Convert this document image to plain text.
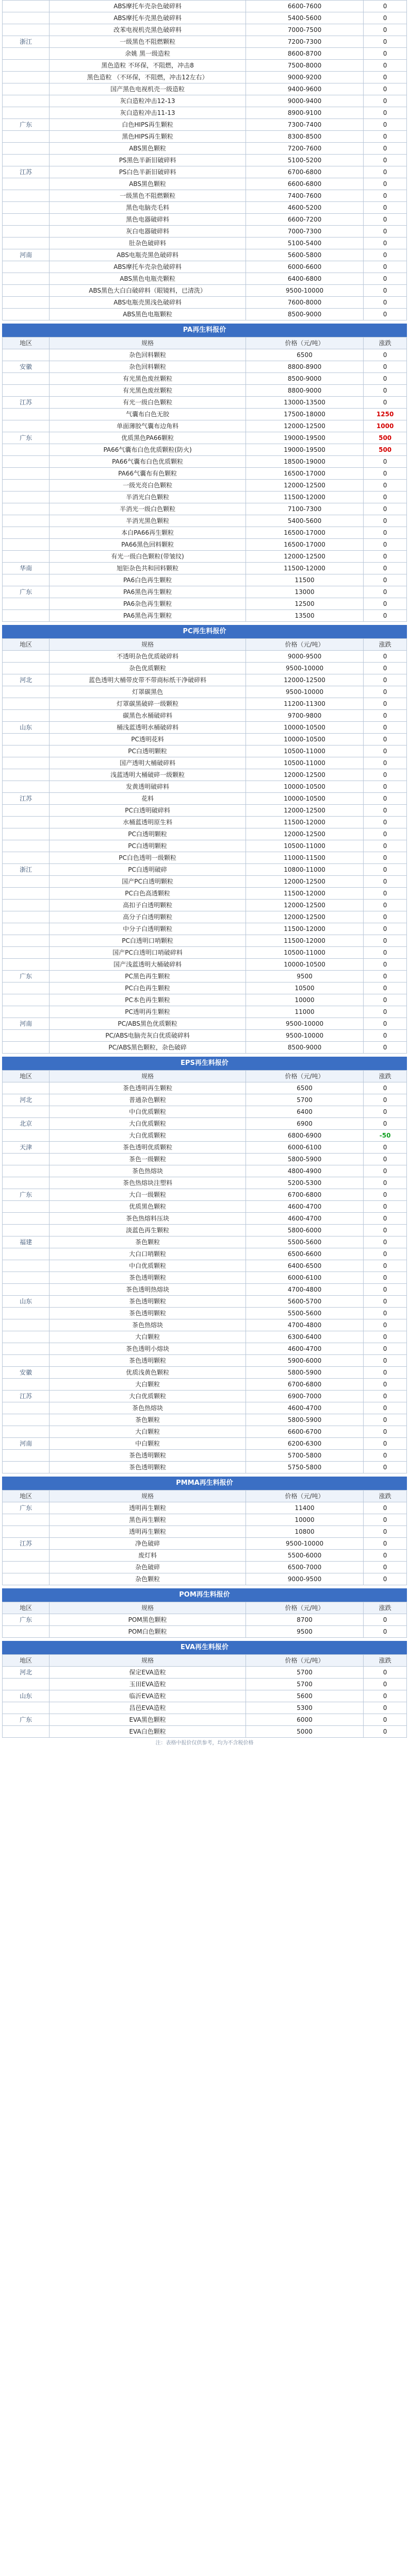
	ABS摩托车壳杂色破碎料	6600-7600	0
	ABS摩托车壳黑色破碎料	5400-5600	0
	改苯电视机壳黑色破碎料	7000-7500	0
浙江	一级黑色不阻燃颗粒	7200-7300	0
	余姚 黑一级造粒	8600-8700	0
	黑色造粒 不环保，不阻燃，冲击8	7500-8000	0
	黑色造粒 （不环保，不阻燃，冲击12左右）	9000-9200	0
	国产黑色电视机壳一级造粒	9400-9600	0
	灰白造粒冲击12-13	9000-9400	0
	灰白造粒冲击11-13	8900-9100	0
广东	白色HIPS再生颗粒	7300-7400	0
	黑色HIPS再生颗粒	8300-8500	0
	ABS黑色颗粒	7200-7600	0
	PS黑色半新旧破碎料	5100-5200	0
江苏	PS白色半新旧破碎料	6700-6800	0
	ABS黑色颗粒	6600-6800	0
	一级黑色不阻燃颗粒	7400-7600	0
	黑色电脑壳毛料	4600-5200	0
	黑色电器破碎料	6600-7200	0
	灰白电器破碎料	7000-7300	0
	肚杂色破碎料	5100-5400	0
河南	ABS电瓶壳黑色破碎料	5600-5800	0
	ABS摩托车壳杂色破碎料	6000-6600	0
	ABS黑色电瓶壳颗粒	6400-6800	0
	ABS黑色大白白破碎料（眼镜料，已清洗）	9500-10000	0
	ABS电瓶壳黑浅色破碎料	7600-8000	0
	ABS黑色电瓶颗粒	8500-9000	0
PA再生料报价
地区	规格	价格（元/吨）	涨跌
	杂色回料颗粒	6500	0
安徽	杂色回料颗粒	8800-8900	0
	有光黑色废丝颗粒	8500-9000	0
	有光黑色废丝颗粒	8800-9000	0
江苏	有光一级白色颗粒	13000-13500	0
	气囊布白色无胶	17500-18000	1250
	单面薄胶气囊布边角料	12000-12500	1000
广东	优质黑色PA66颗粒	19000-19500	500
	PA66气囊布白色优质颗粒(防火)	19000-19500	500
	PA66气囊布白色优质颗粒	18500-19000	0
	PA66气囊布有色颗粒	16500-17000	0
	一级光亮白色颗粒	12000-12500	0
	半消光白色颗粒	11500-12000	0
	半消光一级白色颗粒	7100-7300	0
	半消光黑色颗粒	5400-5600	0
	本白PA66再生颗粒	16500-17000	0
	PA66黑色回料颗粒	16500-17000	0
	有光一级白色颗粒(带皱纹)	12000-12500	0
华南	旭钜杂色共和回料颗粒	11500-12000	0
	PA6白色再生颗粒	11500	0
广东	PA6黑色再生颗粒	13000	0
	PA6杂色再生颗粒	12500	0
	PA6黑色再生颗粒	13500	0
PC再生料报价
地区	规格	价格（元/吨）	涨跌
	不透明杂色优质破碎料	9000-9500	0
	杂色优质颗粒	9500-10000	0
河北	蓝色透明大桶带皮带不带商标纸干净破碎料	12000-12500	0
	灯罩碳黑色	9500-10000	0
	灯罩碳黑破碎一级颗粒	11200-11300	0
	碳黑色水桶破碎料	9700-9800	0
山东	桶浅蓝透明水桶破碎料	10000-10500	0
	PC透明花料	10000-10500	0
	PC白透明颗粒	10500-11000	0
	国产透明大桶破碎料	10500-11000	0
	浅蓝透明大桶破碎一级颗粒	12000-12500	0
	发黄透明破碎料	10000-10500	0
江苏	花料	10000-10500	0
	PC白透明破碎料	12000-12500	0
	水桶蓝透明原生料	11500-12000	0
	PC白透明颗粒	12000-12500	0
	PC白透明颗粒	10500-11000	0
	PC白色透明一级颗粒	11000-11500	0
浙江	PC白透明破碎	10800-11000	0
	国产PC白透明颗粒	12000-12500	0
	PC白色高透颗粒	11500-12000	0
	高扣子白透明颗粒	12000-12500	0
	高分子白透明颗粒	12000-12500	0
	中分子白透明颗粒	11500-12000	0
	PC白透明口哨颗粒	11500-12000	0
	国产PC白透明口哨破碎料	10500-11000	0
	国产浅蓝透明大桶破碎料	10000-10500	0
广东	PC黑色再生颗粒	9500	0
	PC白色再生颗粒	10500	0
	PC本色再生颗粒	10000	0
	PC透明再生颗粒	11000	0
河南	PC/ABS黑色优质颗粒	9500-10000	0
	PC/ABS电脑壳灰白优质破碎料	9500-10000	0
	PC/ABS黑色颗粒，杂色破碎	8500-9000	0
EPS再生料报价
地区	规格	价格（元/吨）	涨跌
	茶色透明再生颗粒	6500	0
河北	普通杂色颗粒	5700	0
	中白优质颗粒	6400	0
北京	大白优质颗粒	6900	0
	大白优质颗粒	6800-6900	-50
天津	茶色透明优质颗粒	6000-6100	0
	茶色一级颗粒	5800-5900	0
	茶色热熔块	4800-4900	0
	茶色热熔块注塑料	5200-5300	0
广东	大白一级颗粒	6700-6800	0
	优质黑色颗粒	4600-4700	0
	茶色热熔料压块	4600-4700	0
	淡蓝色再生颗粒	5800-6000	0
福建	茶色颗粒	5500-5600	0
	大白口哨颗粒	6500-6600	0
	中白优质颗粒	6400-6500	0
	茶色透明颗粒	6000-6100	0
	茶色透明热熔块	4700-4800	0
山东	茶色透明颗粒	5600-5700	0
	茶色透明颗粒	5500-5600	0
	茶色热熔块	4700-4800	0
	大白颗粒	6300-6400	0
	茶色透明小熔块	4600-4700	0
	茶色透明颗粒	5900-6000	0
安徽	优质浅黄色颗粒	5800-5900	0
	大白颗粒	6700-6800	0
江苏	大白优质颗粒	6900-7000	0
	茶色热熔块	4600-4700	0
	茶色颗粒	5800-5900	0
	大白颗粒	6600-6700	0
河南	中白颗粒	6200-6300	0
	茶色透明颗粒	5700-5800	0
	茶色透明颗粒	5750-5800	0
PMMA再生料报价
地区	规格	价格（元/吨）	涨跌
广东	透明再生颗粒	11400	0
	黑色再生颗粒	10000	0
	透明再生颗粒	10800	0
江苏	净色破碎	9500-10000	0
	废灯料	5500-6000	0
	杂色破碎	6500-7000	0
	杂色颗粒	9000-9500	0
POM再生料报价
地区	规格	价格（元/吨）	涨跌
广东	POM黑色颗粒	8700	0
	POM白色颗粒	9500	0
EVA再生料报价
地区	规格	价格（元/吨）	涨跌
河北	保定EVA造粒	5700	0
	玉田EVA造粒	5700	0
山东	临沂EVA造粒	5600	0
	昌邑EVA造粒	5300	0
广东	EVA黑色颗粒	6000	0
	EVA白色颗粒	5000	0
注：表格中报价仅供参考，均为不含税价格
